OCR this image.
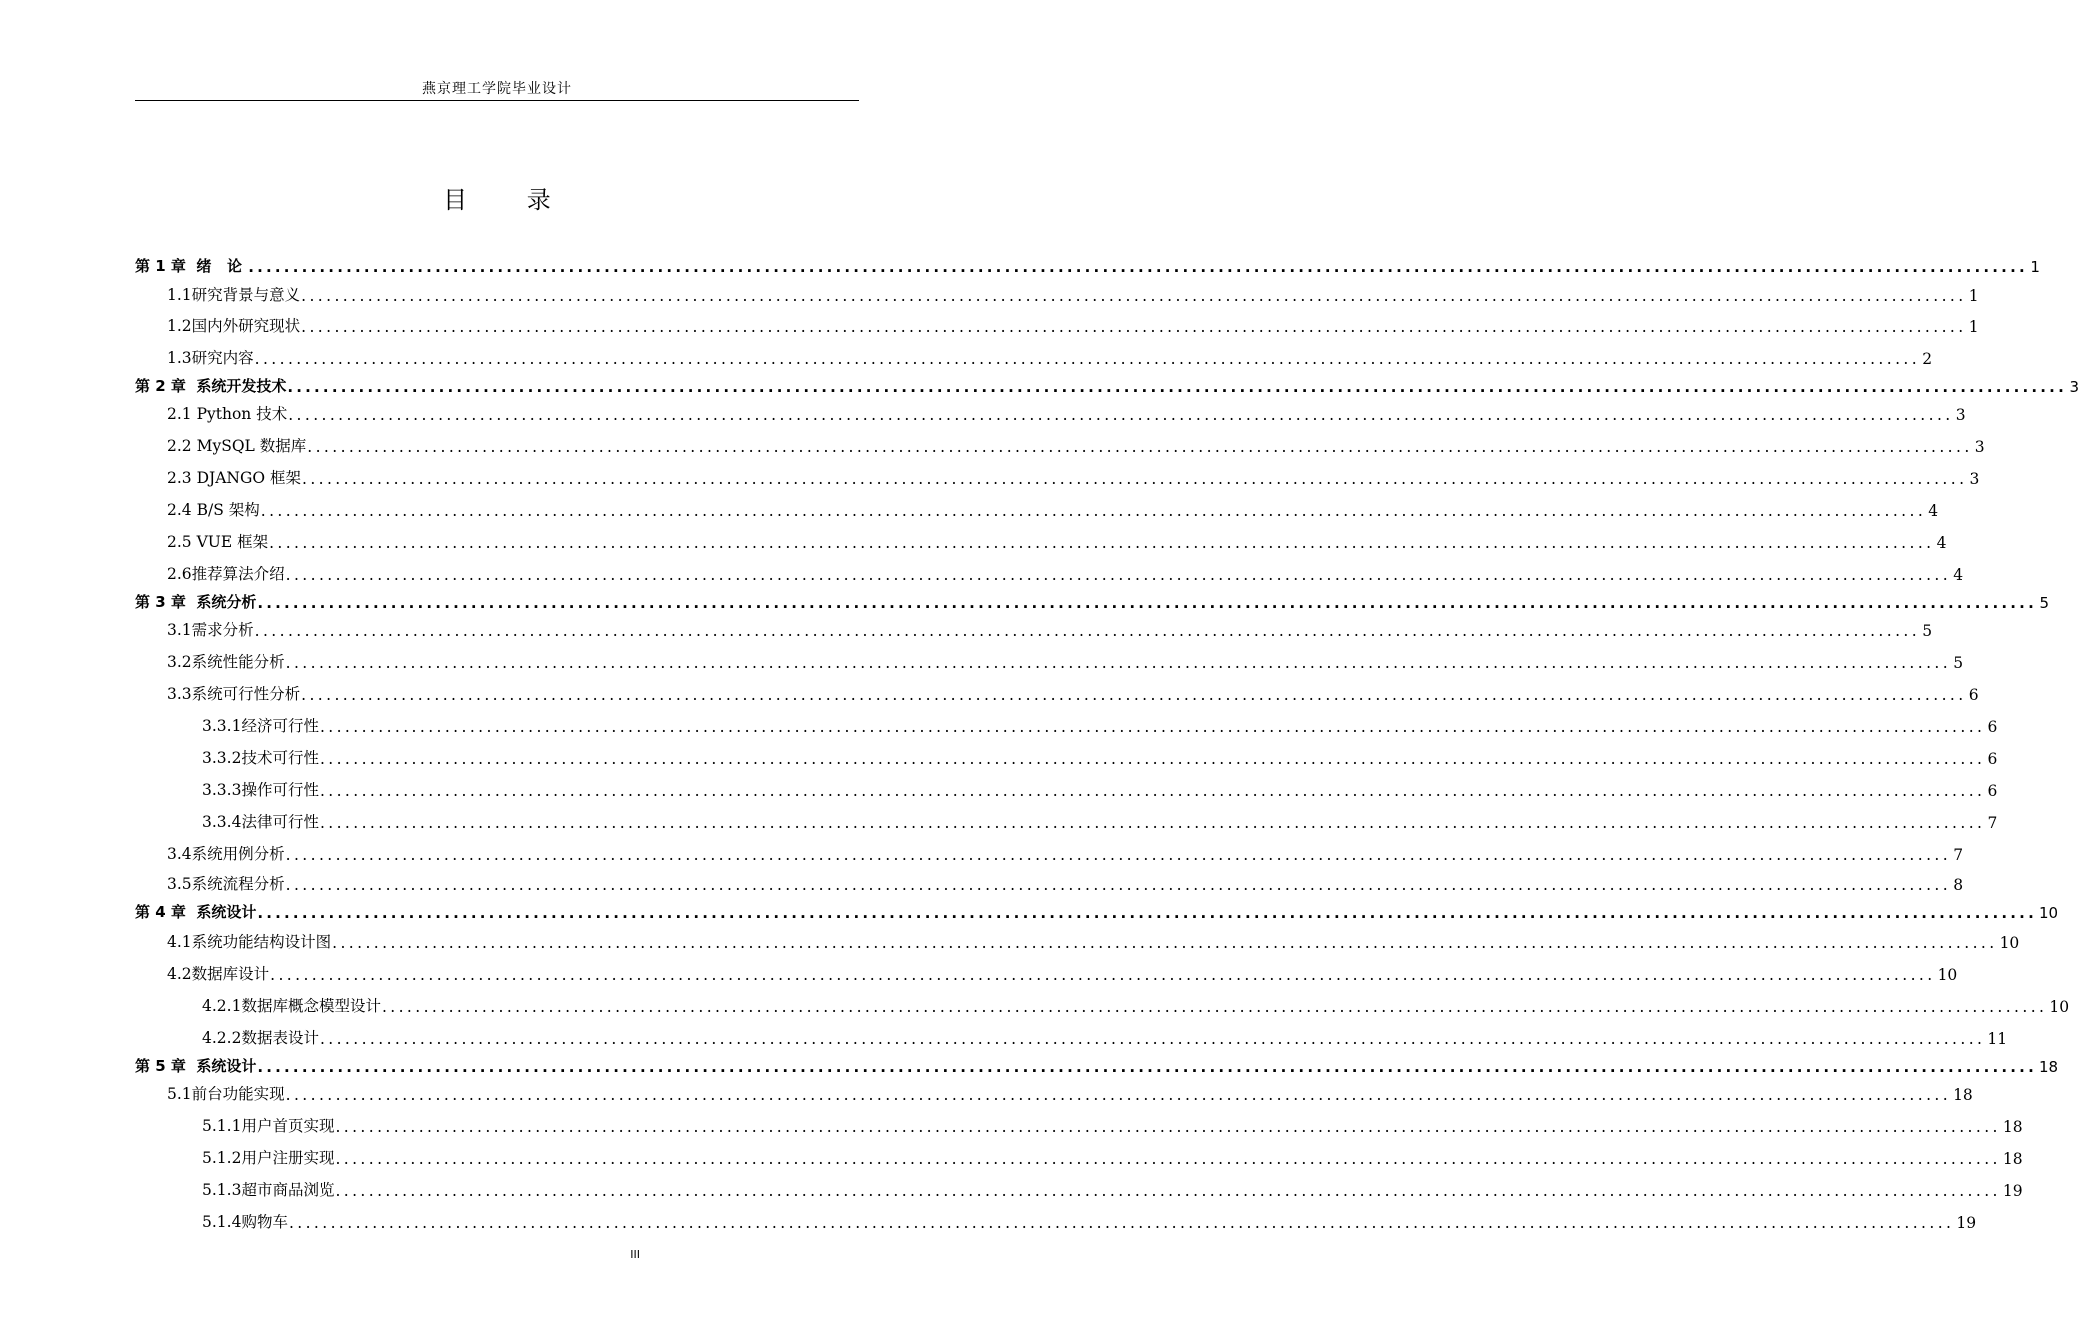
燕京理工学院毕业设计
目 录
第 1 章  绪   论 ........................................................................................................................................................................................................ 1
1.1研究背景与意义 ........................................................................................................................................................................................................ 1
1.2国内外研究现状 ........................................................................................................................................................................................................ 1
1.3研究内容 ........................................................................................................................................................................................................ 2
第 2 章  系统开发技术 ........................................................................................................................................................................................................ 3
2.1 Python 技术 ........................................................................................................................................................................................................ 3
2.2 MySQL 数据库 ........................................................................................................................................................................................................ 3
2.3 DJANGO 框架 ........................................................................................................................................................................................................ 3
2.4 B/S 架构 ........................................................................................................................................................................................................ 4
2.5 VUE 框架 ........................................................................................................................................................................................................ 4
2.6推荐算法介绍 ........................................................................................................................................................................................................ 4
第 3 章  系统分析 ........................................................................................................................................................................................................ 5
3.1需求分析 ........................................................................................................................................................................................................ 5
3.2系统性能分析 ........................................................................................................................................................................................................ 5
3.3系统可行性分析 ........................................................................................................................................................................................................ 6
3.3.1经济可行性 ........................................................................................................................................................................................................ 6
3.3.2技术可行性 ........................................................................................................................................................................................................ 6
3.3.3操作可行性 ........................................................................................................................................................................................................ 6
3.3.4法律可行性 ........................................................................................................................................................................................................ 7
3.4系统用例分析 ........................................................................................................................................................................................................ 7
3.5系统流程分析 ........................................................................................................................................................................................................ 8
第 4 章  系统设计 ........................................................................................................................................................................................................ 10
4.1系统功能结构设计图 ........................................................................................................................................................................................................ 10
4.2数据库设计 ........................................................................................................................................................................................................ 10
4.2.1数据库概念模型设计 ........................................................................................................................................................................................................ 10
4.2.2数据表设计 ........................................................................................................................................................................................................ 11
第 5 章  系统设计 ........................................................................................................................................................................................................ 18
5.1前台功能实现 ........................................................................................................................................................................................................ 18
5.1.1用户首页实现 ........................................................................................................................................................................................................ 18
5.1.2用户注册实现 ........................................................................................................................................................................................................ 18
5.1.3超市商品浏览 ........................................................................................................................................................................................................ 19
5.1.4购物车 ........................................................................................................................................................................................................ 19
III
